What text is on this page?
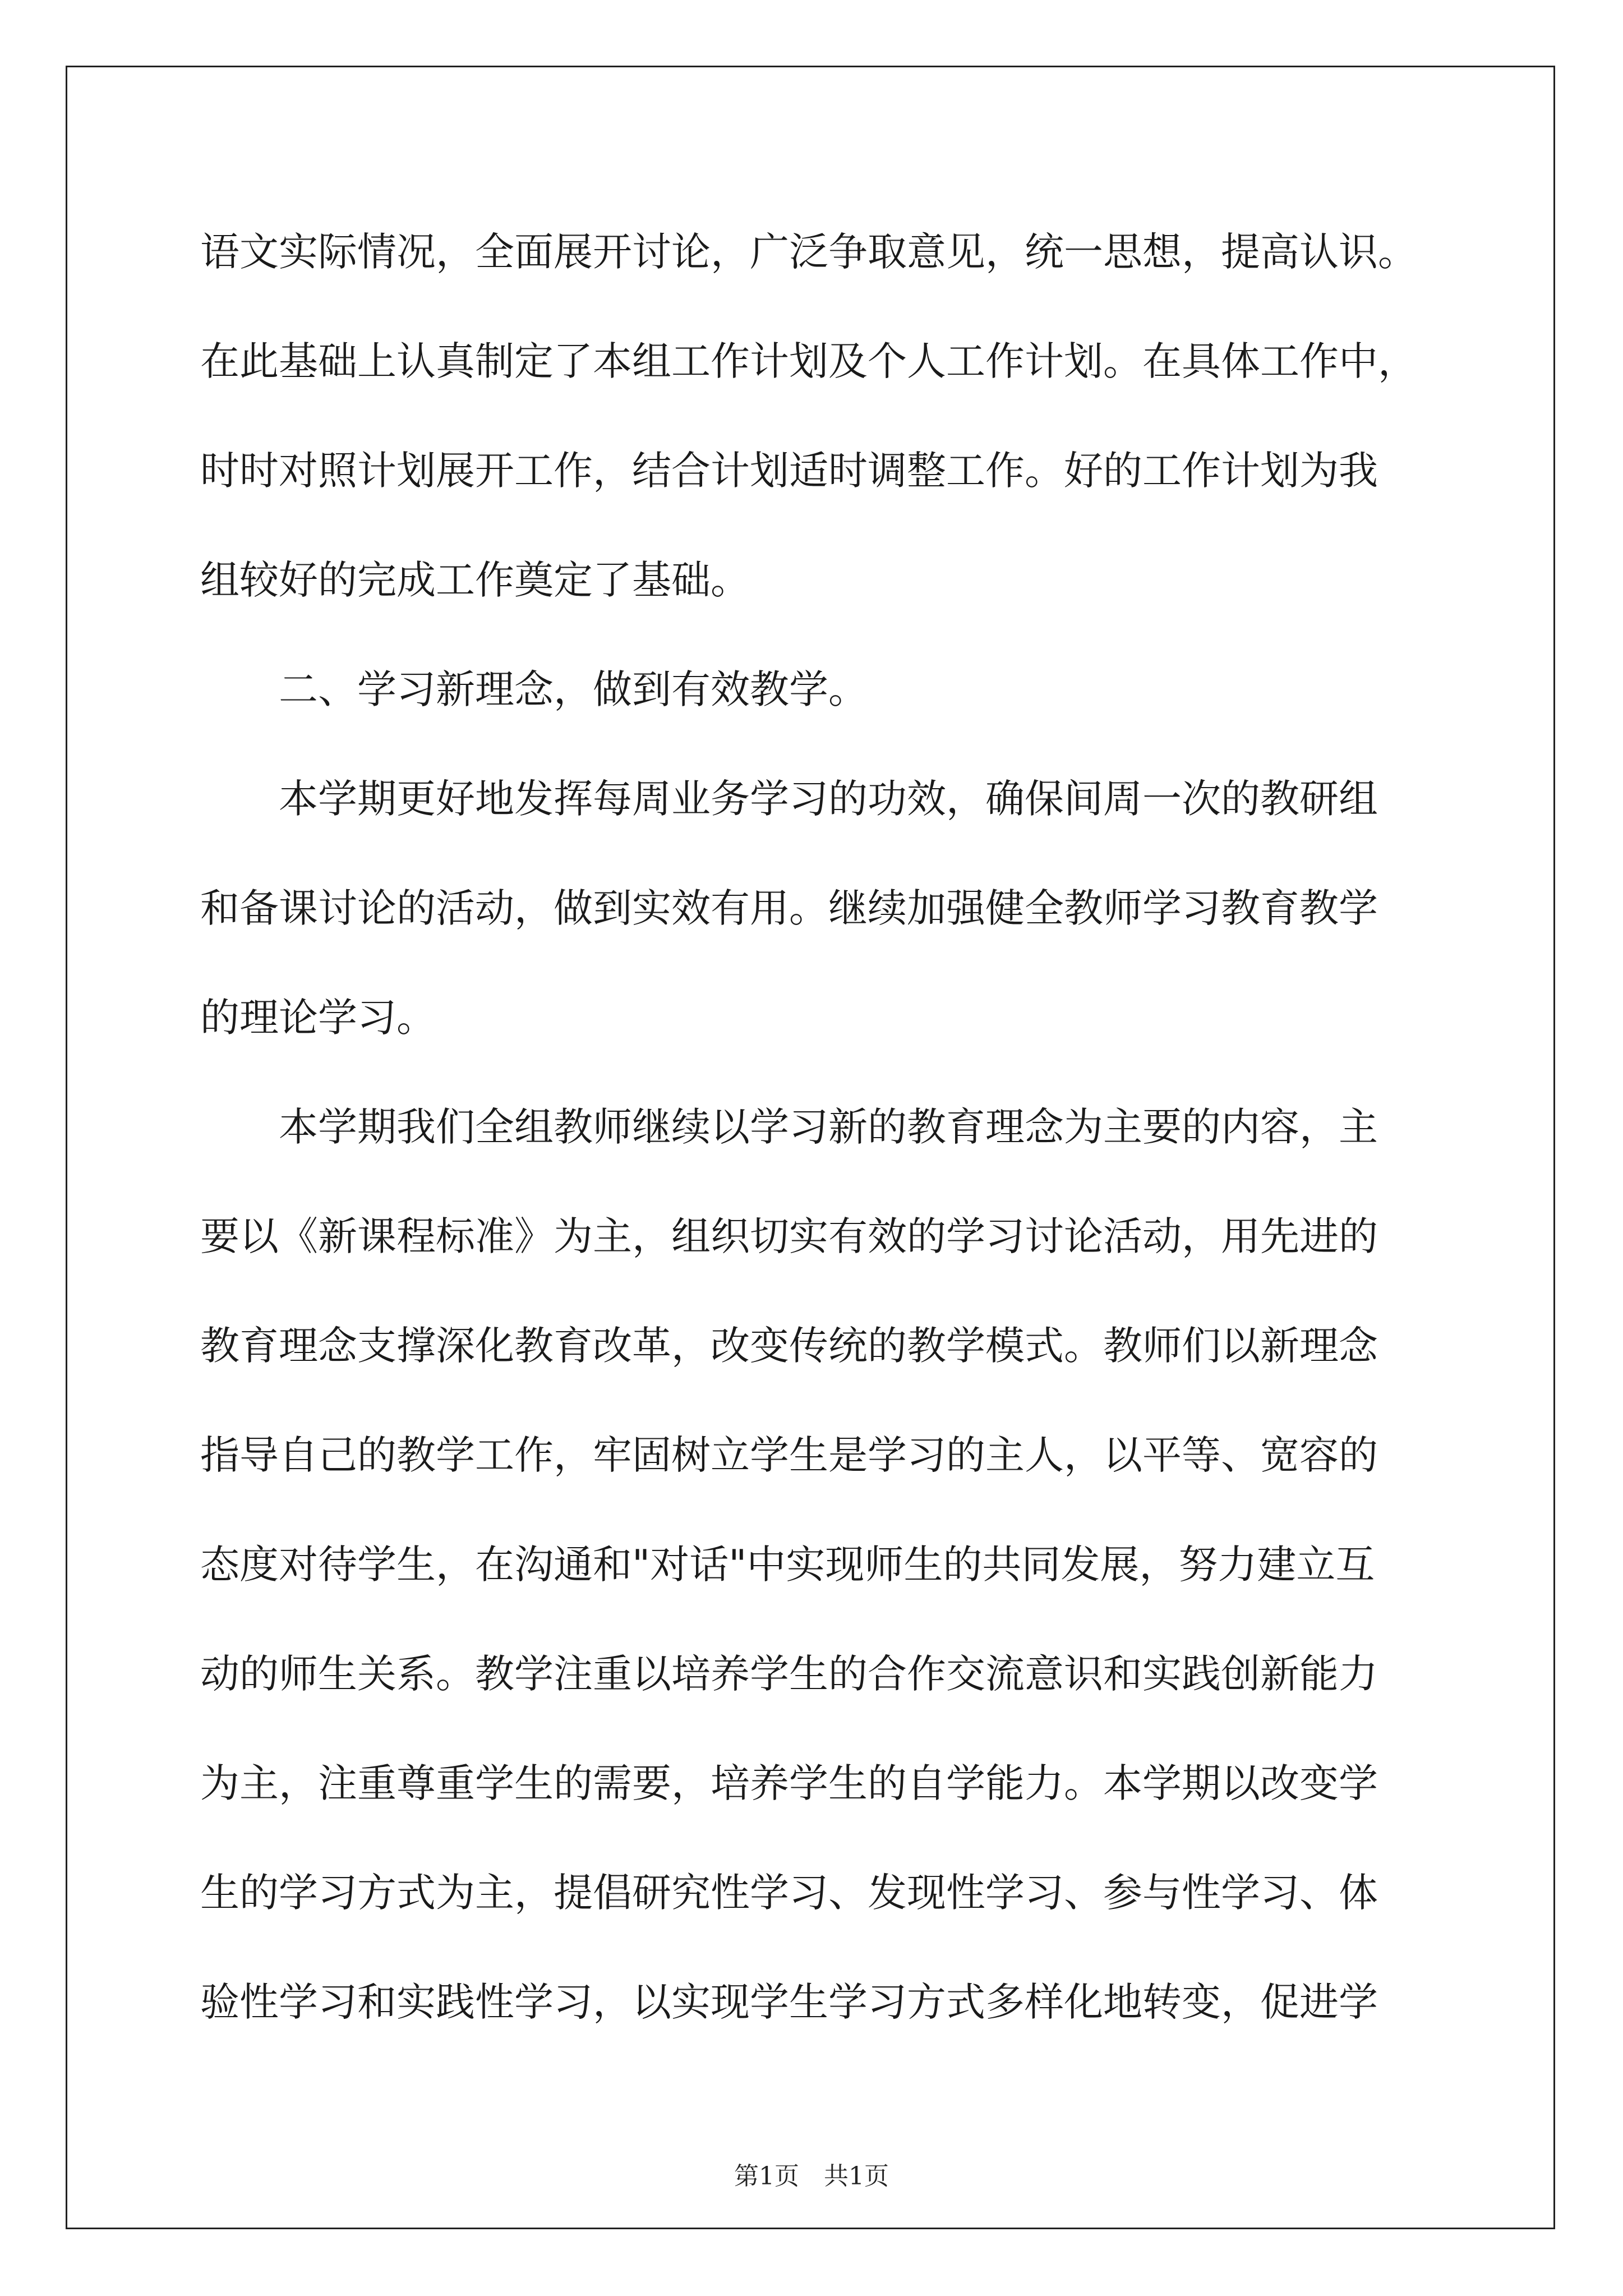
语文实际情况，全面展开讨论，广泛争取意见，统一思想，提高认识。
在此基础上认真制定了本组工作计划及个人工作计划。在具体工作中，
时时对照计划展开工作，结合计划适时调整工作。好的工作计划为我
组较好的完成工作奠定了基础。
　　二、学习新理念，做到有效教学。
　　本学期更好地发挥每周业务学习的功效，确保间周一次的教研组
和备课讨论的活动，做到实效有用。继续加强健全教师学习教育教学
的理论学习。
　　本学期我们全组教师继续以学习新的教育理念为主要的内容，主
要以《新课程标准》为主，组织切实有效的学习讨论活动，用先进的
教育理念支撑深化教育改革，改变传统的教学模式。教师们以新理念
指导自己的教学工作，牢固树立学生是学习的主人，以平等、宽容的
态度对待学生，在沟通和"对话"中实现师生的共同发展，努力建立互
动的师生关系。教学注重以培养学生的合作交流意识和实践创新能力
为主，注重尊重学生的需要，培养学生的自学能力。本学期以改变学
生的学习方式为主，提倡研究性学习、发现性学习、参与性学习、体
验性学习和实践性学习，以实现学生学习方式多样化地转变，促进学
第1页　共1页
